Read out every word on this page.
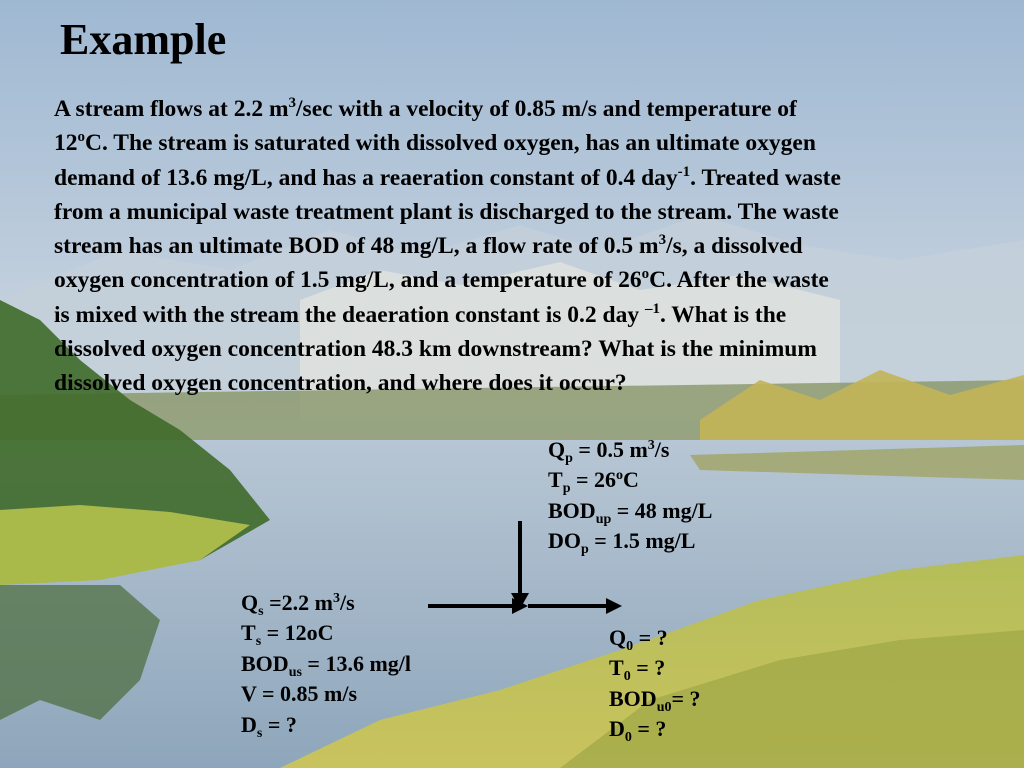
Example
A stream flows at 2.2 $m^3/\sec$ with a velocity of 0.85 m/s and temperature of
12$^o$C. The stream is saturated with dissolved oxygen, has an ultimate oxygen
demand of 13.6 mg/L, and has a reaeration constant of 0.4 day$^{-1}$. Treated waste
from a municipal waste treatment plant is discharged to the stream. The waste
stream has an ultimate BOD of 48 mg/L, a flow rate of 0.5 $m^3/s$, a dissolved
oxygen concentration of 1.5 mg/L, and a temperature of 26$^o$C. After the waste
is mixed with the stream the deaeration constant is 0.2 day $^{-1}$. What is the
dissolved oxygen concentration 48.3 km downstream? What is the minimum
dissolved oxygen concentration, and where does it occur?
$Q_p = 0.5$ $m^3/s$
$T_p = 26^oC$
$BOD_{up} = 48$ mg/L
$DO_p = 1.5$ mg/L
$Q_s =2.2$ $m^3/s$
$T_s = 12oC$
$BOD_{us} = 13.6$ mg/l
V = 0.85 m/s
$D_s$ = ?
$Q_0$ = ?
$T_0$ = ?
$BOD_{u0}=$ ?
$D_0$ = ?
